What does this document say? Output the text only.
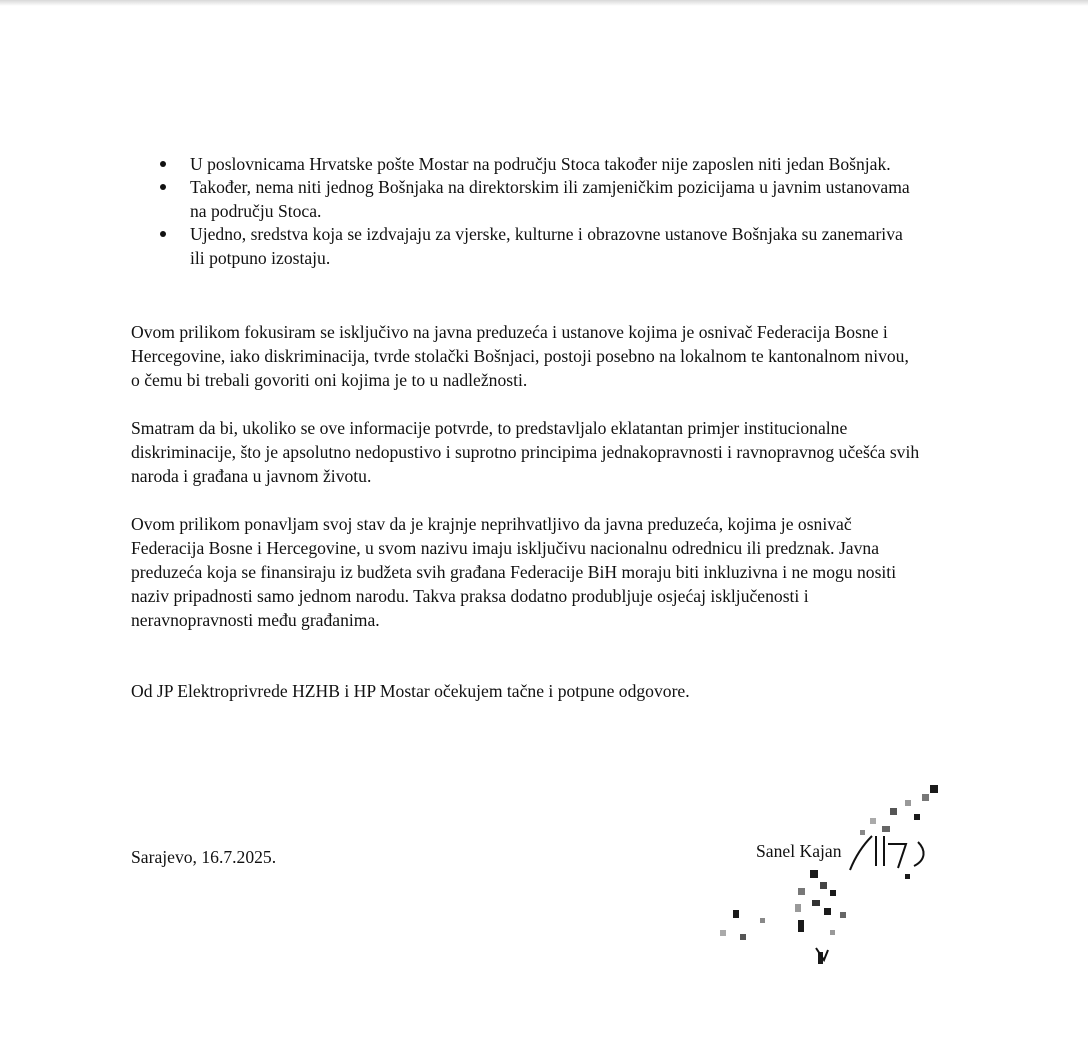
U poslovnicama Hrvatske pošte Mostar na području Stoca također nije zaposlen niti jedan Bošnjak.
Također, nema niti jednog Bošnjaka na direktorskim ili zamjeničkim pozicijama u javnim ustanovama na području Stoca.
Ujedno, sredstva koja se izdvajaju za vjerske, kulturne i obrazovne ustanove Bošnjaka su zanemariva ili potpuno izostaju.

Ovom prilikom fokusiram se isključivo na javna preduzeća i ustanove kojima je osnivač Federacija Bosne i Hercegovine, iako diskriminacija, tvrde stolački Bošnjaci, postoji posebno na lokalnom te kantonalnom nivou, o čemu bi trebali govoriti oni kojima je to u nadležnosti.

Smatram da bi, ukoliko se ove informacije potvrde, to predstavljalo eklatantan primjer institucionalne diskriminacije, što je apsolutno nedopustivo i suprotno principima jednakopravnosti i ravnopravnog učešća svih naroda i građana u javnom životu.

Ovom prilikom ponavljam svoj stav da je krajnje neprihvatljivo da javna preduzeća, kojima je osnivač Federacija Bosne i Hercegovine, u svom nazivu imaju isključivu nacionalnu odrednicu ili predznak. Javna preduzeća koja se finansiraju iz budžeta svih građana Federacije BiH moraju biti inkluzivna i ne mogu nositi naziv pripadnosti samo jednom narodu. Takva praksa dodatno produbljuje osjećaj isključenosti i neravnopravnosti među građanima.

Od JP Elektroprivrede HZHB i HP Mostar očekujem tačne i potpune odgovore.

Sarajevo, 16.7.2025.	Sanel Kajan
